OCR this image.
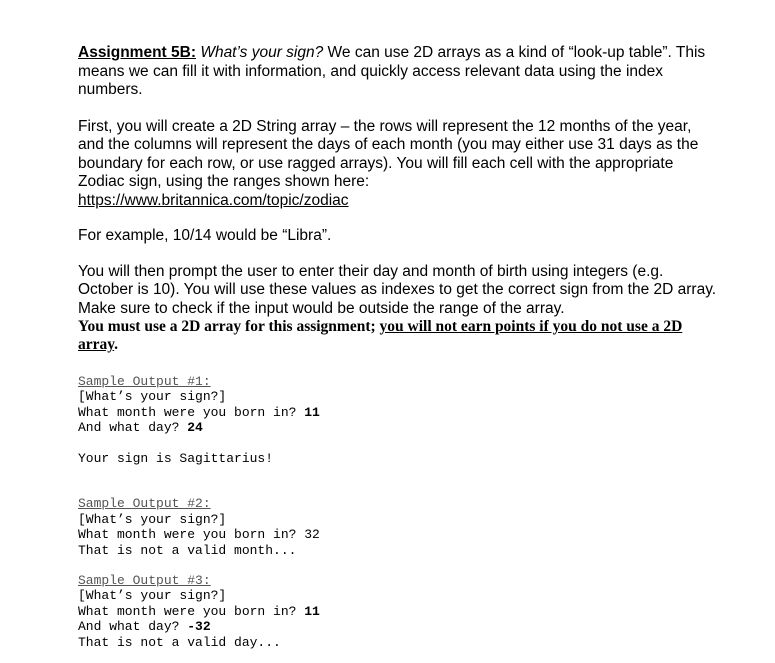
Assignment 5B: What’s your sign? We can use 2D arrays as a kind of “look-up table”. This means we can fill it with information, and quickly access relevant data using the index numbers.

First, you will create a 2D String array – the rows will represent the 12 months of the year, and the columns will represent the days of each month (you may either use 31 days as the boundary for each row, or use ragged arrays). You will fill each cell with the appropriate Zodiac sign, using the ranges shown here:
https://www.britannica.com/topic/zodiac

For example, 10/14 would be “Libra”.

You will then prompt the user to enter their day and month of birth using integers (e.g. October is 10). You will use these values as indexes to get the correct sign from the 2D array. Make sure to check if the input would be outside the range of the array.

You must use a 2D array for this assignment; you will not earn points if you do not use a 2D array.

Sample Output #1:
[What’s your sign?]
What month were you born in? 11
And what day? 24
Your sign is Sagittarius!
Sample Output #2:
[What’s your sign?]
What month were you born in? 32
That is not a valid month...
Sample Output #3:
[What’s your sign?]
What month were you born in? 11
And what day? -32
That is not a valid day...
